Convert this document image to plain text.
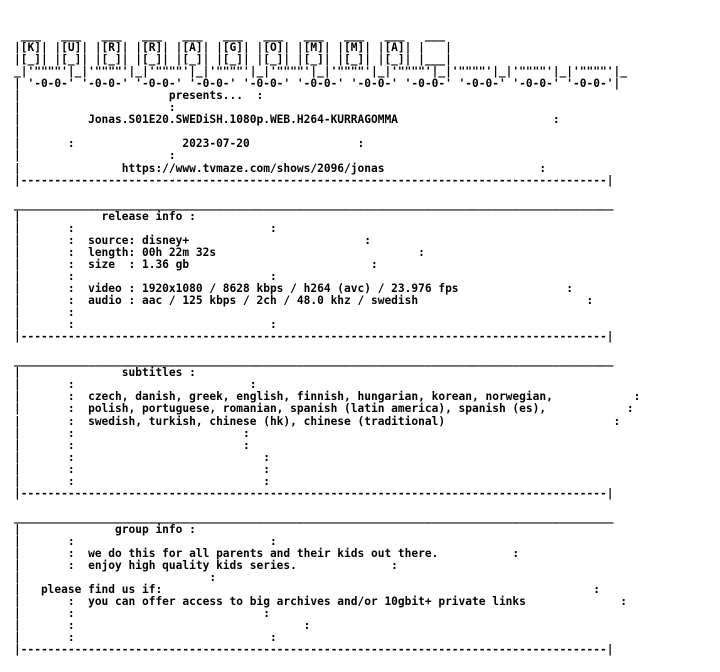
___   ___   ___   ___   ___   ___   ___   ___   ___   ___   ___
|[K]| |[U]| |[R]| |[R]| |[A]| |[G]| |[O]| |[M]| |[M]| |[A]| |   |
|[_]| |[_]| |[_]| |[_]| |[_]| |[_]| |[_]| |[_]| |[_]| |[_]| |___|
_|'""""'|_|'""""'|_|'""""'|_|'""""'|_|'""""'|_|'""""'|_|'""""'|_|'""""'|_|'""""'|_|'""""'|_
| '-0-0-' '-0-0-' '-0-0-' '-0-0-' '-0-0-' '-0-0-' '-0-0-' '-0-0-' '-0-0-' '-0-0-' '-0-0-'|
|                      presents...  :
|                      :
|          Jonas.S01E20.SWEDiSH.1080p.WEB.H264-KURRAGOMMA                       :
|
|       :                2023-07-20                :
|                      :
|               https://www.tvmaze.com/shows/2096/jonas                       :
|---------------------------------------------------------------------------------------|

_________________________________________________________________________________________
|            release info :
|       :                             :
|       :  source: disney+                          :
|       :  length: 00h 22m 32s                              :
|       :  size  : 1.36 gb                           :
|       :                             :
|       :  video : 1920x1080 / 8628 kbps / h264 (avc) / 23.976 fps                :
|       :  audio : aac / 125 kbps / 2ch / 48.0 khz / swedish                         :
|       :
|       :                             :
|---------------------------------------------------------------------------------------|

_________________________________________________________________________________________
|               subtitles :
|       :                          :
|       :  czech, danish, greek, english, finnish, hungarian, korean, norwegian,            :
|       :  polish, portuguese, romanian, spanish (latin america), spanish (es),            :
|       :  swedish, turkish, chinese (hk), chinese (traditional)                         :
|       :                         :
|       :                         :
|       :                            :
|       :                            :
|       :                            :
|---------------------------------------------------------------------------------------|

_________________________________________________________________________________________
|              group info :
|       :                             :
|       :  we do this for all parents and their kids out there.           :
|       :  enjoy high quality kids series.              :
|                            :
|   please find us if:                                                                :
|       :  you can offer access to big archives and/or 10gbit+ private links              :
|       :                            :
|       :                                  :
|       :                             :
|---------------------------------------------------------------------------------------|
